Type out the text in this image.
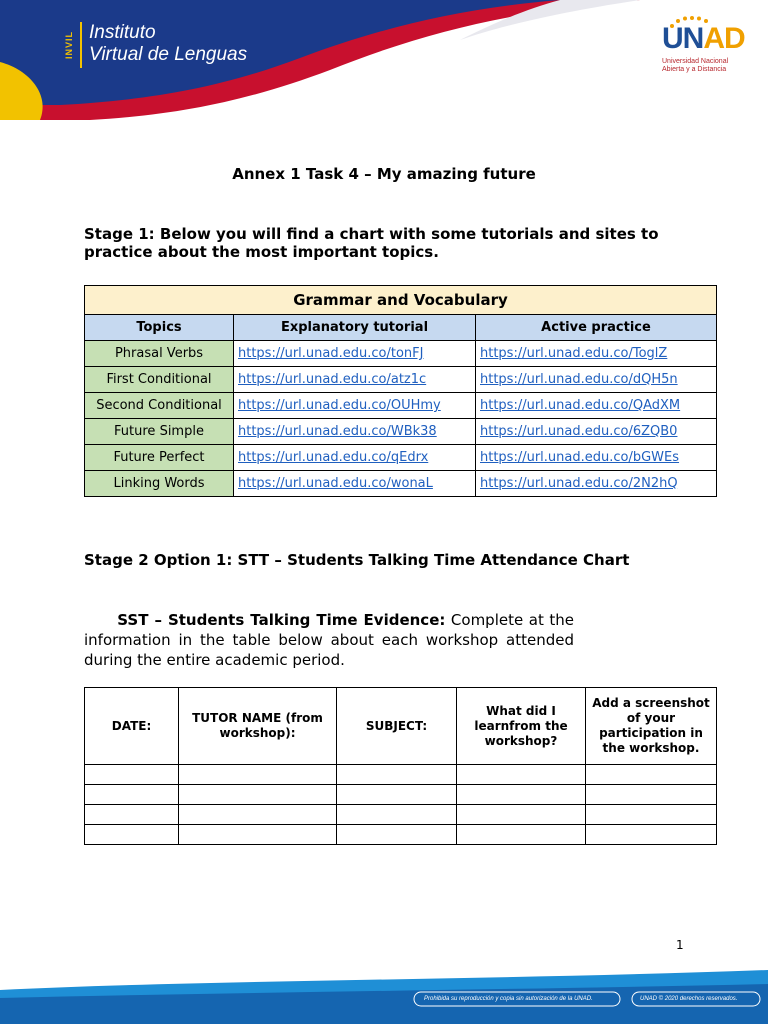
INVIL Instituto
Virtual de Lenguas	UNAD
Universidad Nacional
Abierta y a Distancia
Annex 1 Task 4 – My amazing future
Stage 1: Below you will find a chart with some tutorials and sites to practice about the most important topics.
Grammar and Vocabulary		
Topics	Explanatory tutorial	Active practice
Phrasal Verbs	https://url.unad.edu.co/tonFJ	https://url.unad.edu.co/ToglZ
First Conditional	https://url.unad.edu.co/atz1c	https://url.unad.edu.co/dQH5n
Second Conditional	https://url.unad.edu.co/OUHmy	https://url.unad.edu.co/QAdXM
Future Simple	https://url.unad.edu.co/WBk38	https://url.unad.edu.co/6ZQB0
Future Perfect	https://url.unad.edu.co/qEdrx	https://url.unad.edu.co/bGWEs
Linking Words	https://url.unad.edu.co/wonaL	https://url.unad.edu.co/2N2hQ
Stage 2 Option 1: STT – Students Talking Time Attendance Chart
SST – Students Talking Time Evidence: Complete at the information in the table below about each workshop attended during the entire academic period.
DATE:	TUTOR NAME (from workshop):	SUBJECT:	What did I learnfrom the workshop?	Add a screenshot of your participation in the workshop.

1
Prohibida su reproducción y copia sin autorización de la UNAD.	UNAD © 2020 derechos reservados.
